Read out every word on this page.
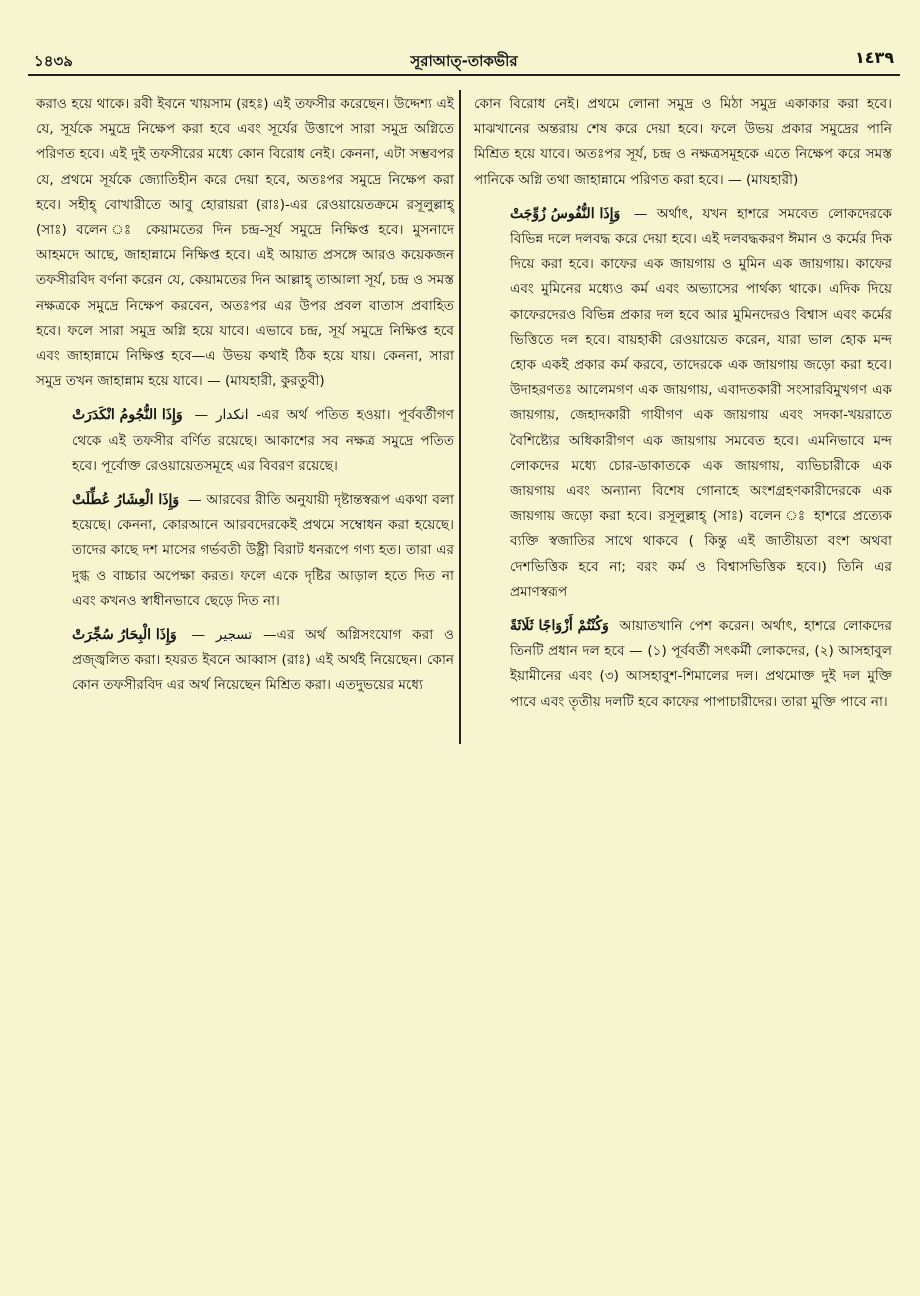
১৪৩৯	সূরাআত্‌-তাকভীর	١٤٣٩

করাও হয়ে থাকে। রবী ইবনে খায়সাম (রহঃ) এই তফসীর করেছেন। উদ্দেশ্য এই যে, সূর্যকে সমুদ্রে নিক্ষেপ করা হবে এবং সূর্যের উত্তাপে সারা সমুদ্র অগ্নিতে পরিণত হবে। এই দুই তফসীরের মধ্যে কোন বিরোধ নেই। কেননা, এটা সম্ভবপর যে, প্রথমে সূর্যকে জ্যোতিহীন করে দেয়া হবে, অতঃপর সমুদ্রে নিক্ষেপ করা হবে। সহীহ্‌ বোখারীতে আবু হোরায়রা (রাঃ)-এর রেওয়ায়েতক্রমে রসূলুল্লাহ্‌ (সাঃ) বলেন ঃ কেয়ামতের দিন চন্দ্র-সূর্য সমুদ্রে নিক্ষিপ্ত হবে। মুসনাদে আহমদে আছে, জাহান্নামে নিক্ষিপ্ত হবে। এই আয়াত প্রসঙ্গে আরও কয়েকজন তফসীরবিদ বর্ণনা করেন যে, কেয়ামতের দিন আল্লাহ্‌ তাআলা সূর্য, চন্দ্র ও সমস্ত নক্ষত্রকে সমুদ্রে নিক্ষেপ করবেন, অতঃপর এর উপর প্রবল বাতাস প্রবাহিত হবে। ফলে সারা সমুদ্র অগ্নি হয়ে যাবে। এভাবে চন্দ্র, সূর্য সমুদ্রে নিক্ষিপ্ত হবে এবং জাহান্নামে নিক্ষিপ্ত হবে—এ উভয় কথাই ঠিক হয়ে যায়। কেননা, সারা সমুদ্র তখন জাহান্নাম হয়ে যাবে। — (মাযহারী, কুরতুবী)

وَإِذَا النُّجُومُ انْكَدَرَتْ — انكدار -এর অর্থ পতিত হওয়া। পূর্ববর্তীগণ থেকে এই তফসীর বর্ণিত রয়েছে। আকাশের সব নক্ষত্র সমুদ্রে পতিত হবে। পূর্বোক্ত রেওয়ায়েতসমূহে এর বিবরণ রয়েছে।

وَإِذَا الْعِشَارُ عُطِّلَتْ — আরবের রীতি অনুযায়ী দৃষ্টান্তস্বরূপ একথা বলা হয়েছে। কেননা, কোরআনে আরবদেরকেই প্রথমে সম্বোধন করা হয়েছে। তাদের কাছে দশ মাসের গর্ভবতী উষ্ট্রী বিরাট ধনরূপে গণ্য হত। তারা এর দুগ্ধ ও বাচ্চার অপেক্ষা করত। ফলে একে দৃষ্টির আড়াল হতে দিত না এবং কখনও স্বাধীনভাবে ছেড়ে দিত না।

وَإِذَا الْبِحَارُ سُجِّرَتْ — تسجير —এর অর্থ অগ্নিসংযোগ করা ও প্রজ্জ্বলিত করা। হযরত ইবনে আব্বাস (রাঃ) এই অর্থই নিয়েছেন। কোন কোন তফসীরবিদ এর অর্থ নিয়েছেন মিশ্রিত করা। এতদুভয়ের মধ্যে

কোন বিরোধ নেই। প্রথমে লোনা সমুদ্র ও মিঠা সমুদ্র একাকার করা হবে। মাঝখানের অন্তরায় শেষ করে দেয়া হবে। ফলে উভয় প্রকার সমুদ্রের পানি মিশ্রিত হয়ে যাবে। অতঃপর সূর্য, চন্দ্র ও নক্ষত্রসমূহকে এতে নিক্ষেপ করে সমস্ত পানিকে অগ্নি তথা জাহান্নামে পরিণত করা হবে। — (মাযহারী)

وَإِذَا النُّفُوسُ زُوِّجَتْ — অর্থাৎ, যখন হাশরে সমবেত লোকদেরকে বিভিন্ন দলে দলবদ্ধ করে দেয়া হবে। এই দলবদ্ধকরণ ঈমান ও কর্মের দিক দিয়ে করা হবে। কাফের এক জায়গায় ও মুমিন এক জায়গায়। কাফের এবং মুমিনের মধ্যেও কর্ম এবং অভ্যাসের পার্থক্য থাকে। এদিক দিয়ে কাফেরদেরও বিভিন্ন প্রকার দল হবে আর মুমিনদেরও বিশ্বাস এবং কর্মের ভিত্তিতে দল হবে। বায়হাকী রেওয়ায়েত করেন, যারা ভাল হোক মন্দ হোক একই প্রকার কর্ম করবে, তাদেরকে এক জায়গায় জড়ো করা হবে। উদাহরণতঃ আলেমগণ এক জায়গায়, এবাদতকারী সংসারবিমুখগণ এক জায়গায়, জেহাদকারী গাযীগণ এক জায়গায় এবং সদকা-খয়রাতে বৈশিষ্ট্যের অধিকারীগণ এক জায়গায় সমবেত হবে। এমনিভাবে মন্দ লোকদের মধ্যে চোর-ডাকাতকে এক জায়গায়, ব্যভিচারীকে এক জায়গায় এবং অন্যান্য বিশেষ গোনাহে অংশগ্রহণকারীদেরকে এক জায়গায় জড়ো করা হবে। রসূলুল্লাহ্‌ (সাঃ) বলেন ঃ হাশরে প্রত্যেক ব্যক্তি স্বজাতির সাথে থাকবে ( কিন্তু এই জাতীয়তা বংশ অথবা দেশভিত্তিক হবে না; বরং কর্ম ও বিশ্বাসভিত্তিক হবে।) তিনি এর প্রমাণস্বরূপ

وَكُنْتُمْ أَزْوَاجًا ثَلَاثَةً আয়াতখানি পেশ করেন। অর্থাৎ, হাশরে লোকদের তিনটি প্রধান দল হবে — (১) পূর্ববর্তী সৎকর্মী লোকদের, (২) আসহাবুল ইয়ামীনের এবং (৩) আসহাবুশ-শিমালের দল। প্রথমোক্ত দুই দল মুক্তি পাবে এবং তৃতীয় দলটি হবে কাফের পাপাচারীদের। তারা মুক্তি পাবে না।
